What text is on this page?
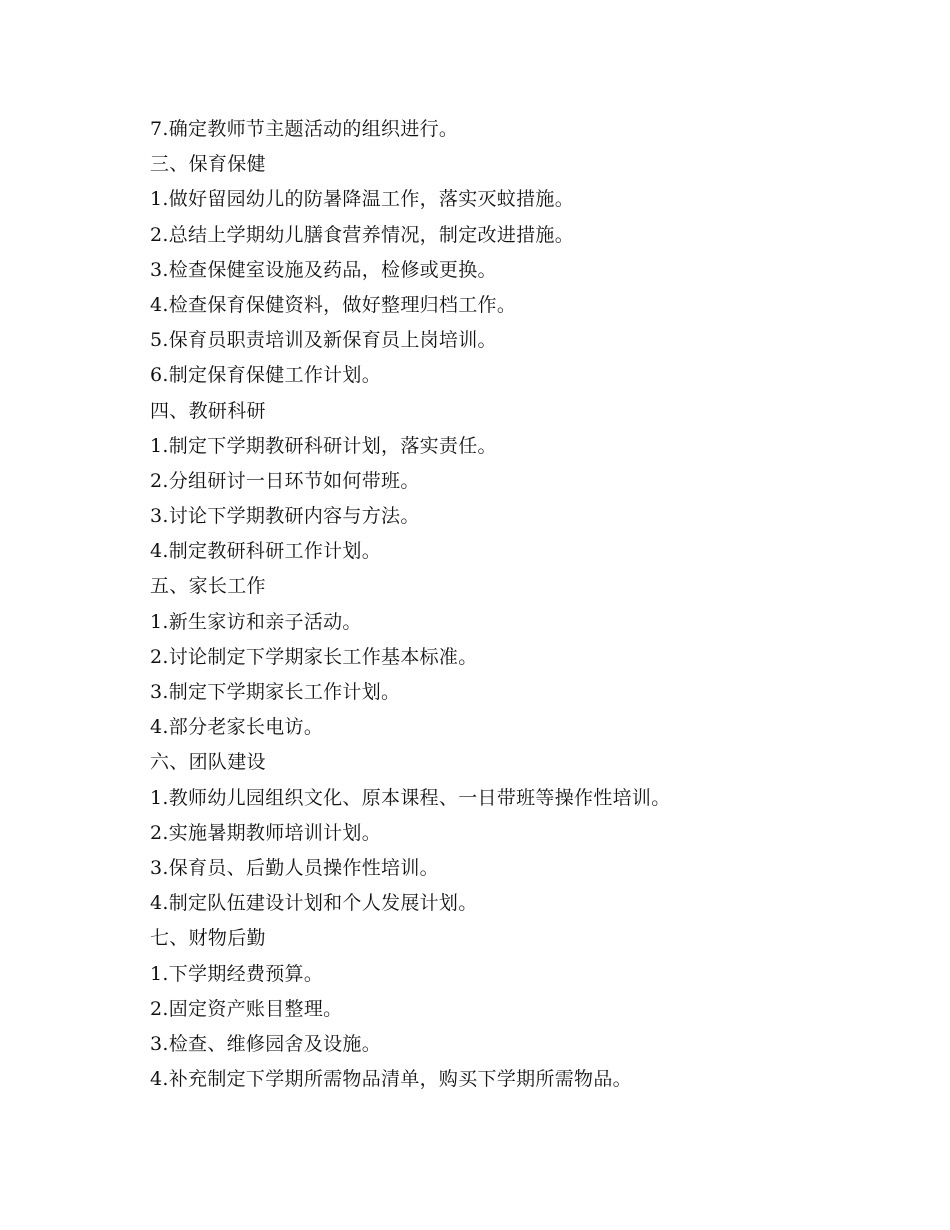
7.确定教师节主题活动的组织进行。
三、保育保健
1.做好留园幼儿的防暑降温工作，落实灭蚊措施。
2.总结上学期幼儿膳食营养情况，制定改进措施。
3.检查保健室设施及药品，检修或更换。
4.检查保育保健资料，做好整理归档工作。
5.保育员职责培训及新保育员上岗培训。
6.制定保育保健工作计划。
四、教研科研
1.制定下学期教研科研计划，落实责任。
2.分组研讨一日环节如何带班。
3.讨论下学期教研内容与方法。
4.制定教研科研工作计划。
五、家长工作
1.新生家访和亲子活动。
2.讨论制定下学期家长工作基本标准。
3.制定下学期家长工作计划。
4.部分老家长电访。
六、团队建设
1.教师幼儿园组织文化、原本课程、一日带班等操作性培训。
2.实施暑期教师培训计划。
3.保育员、后勤人员操作性培训。
4.制定队伍建设计划和个人发展计划。
七、财物后勤
1.下学期经费预算。
2.固定资产账目整理。
3.检查、维修园舍及设施。
4.补充制定下学期所需物品清单，购买下学期所需物品。
